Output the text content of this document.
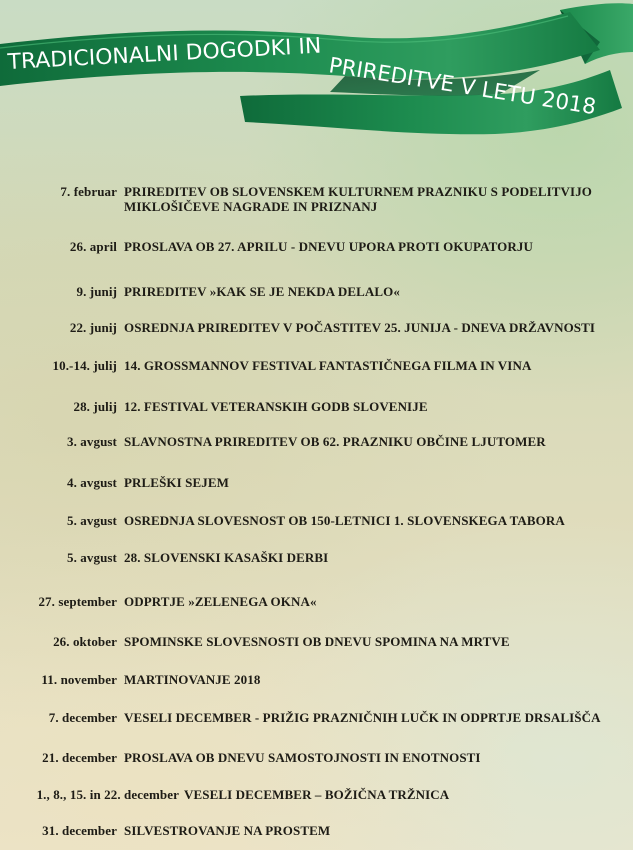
TRADICIONALNI DOGODKI IN PRIREDITVE V LETU 2018
7. februar PRIREDITEV OB SLOVENSKEM KULTURNEM PRAZNIKU S PODELITVIJO MIKLOŠIČEVE NAGRADE IN PRIZNANJ
26. april PROSLAVA OB 27. APRILU - DNEVU UPORA PROTI OKUPATORJU
9. junij PRIREDITEV »KAK SE JE NEKDA DELALO«
22. junij OSREDNJA PRIREDITEV V POČASTITEV 25. JUNIJA - DNEVA DRŽAVNOSTI
10.-14. julij 14. GROSSMANNOV FESTIVAL FANTASTIČNEGA FILMA IN VINA
28. julij 12. FESTIVAL VETERANSKIH GODB SLOVENIJE
3. avgust SLAVNOSTNA PRIREDITEV OB 62. PRAZNIKU OBČINE LJUTOMER
4. avgust PRLEŠKI SEJEM
5. avgust OSREDNJA SLOVESNOST OB 150-LETNICI 1. SLOVENSKEGA TABORA
5. avgust 28. SLOVENSKI KASAŠKI DERBI
27. september ODPRTJE »ZELENEGA OKNA«
26. oktober SPOMINSKE SLOVESNOSTI OB DNEVU SPOMINA NA MRTVE
11. november MARTINOVANJE 2018
7. december VESELI DECEMBER - PRIŽIG PRAZNIČNIH LUČK IN ODPRTJE DRSALIŠČA
21. december PROSLAVA OB DNEVU SAMOSTOJNOSTI IN ENOTNOSTI
1., 8., 15. in 22. december VESELI DECEMBER – BOŽIČNA TRŽNICA
31. december SILVESTROVANJE NA PROSTEM
